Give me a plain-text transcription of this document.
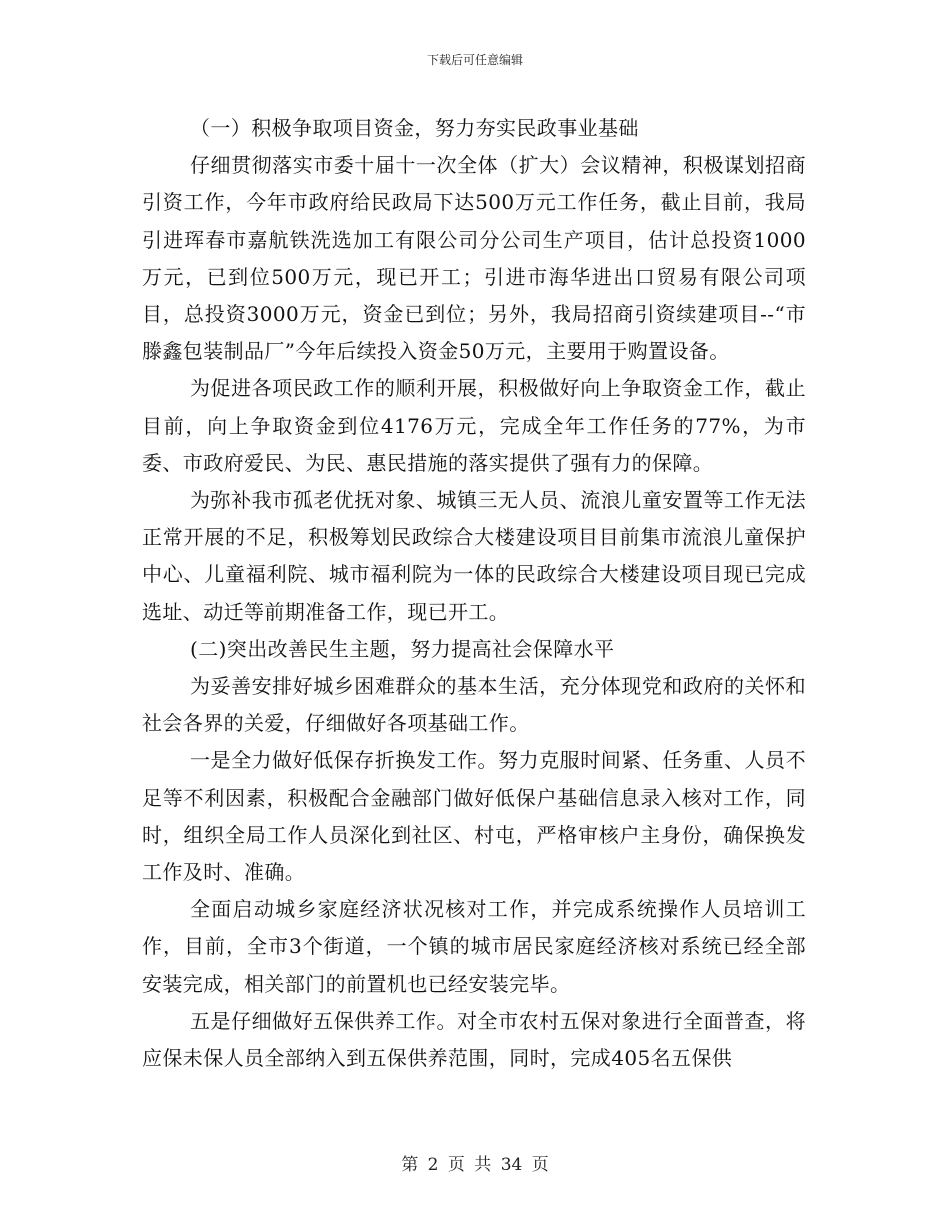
下载后可任意编辑

（一）积极争取项目资金，努力夯实民政事业基础

仔细贯彻落实市委十届十一次全体（扩大）会议精神，积极谋划招商引资工作，今年市政府给民政局下达500万元工作任务，截止目前，我局引进珲春市嘉航铁洗选加工有限公司分公司生产项目，估计总投资1000万元，已到位500万元，现已开工；引进市海华进出口贸易有限公司项目，总投资3000万元，资金已到位；另外，我局招商引资续建项目--“市滕鑫包装制品厂”今年后续投入资金50万元，主要用于购置设备。

为促进各项民政工作的顺利开展，积极做好向上争取资金工作，截止目前，向上争取资金到位4176万元，完成全年工作任务的77%，为市委、市政府爱民、为民、惠民措施的落实提供了强有力的保障。

为弥补我市孤老优抚对象、城镇三无人员、流浪儿童安置等工作无法正常开展的不足，积极筹划民政综合大楼建设项目目前集市流浪儿童保护中心、儿童福利院、城市福利院为一体的民政综合大楼建设项目现已完成选址、动迁等前期准备工作，现已开工。

(二)突出改善民生主题，努力提高社会保障水平

为妥善安排好城乡困难群众的基本生活，充分体现党和政府的关怀和社会各界的关爱，仔细做好各项基础工作。

一是全力做好低保存折换发工作。努力克服时间紧、任务重、人员不足等不利因素，积极配合金融部门做好低保户基础信息录入核对工作，同时，组织全局工作人员深化到社区、村屯，严格审核户主身份，确保换发工作及时、准确。

全面启动城乡家庭经济状况核对工作，并完成系统操作人员培训工作，目前，全市3个街道，一个镇的城市居民家庭经济核对系统已经全部安装完成，相关部门的前置机也已经安装完毕。

五是仔细做好五保供养工作。对全市农村五保对象进行全面普查，将应保未保人员全部纳入到五保供养范围，同时，完成405名五保供

第 2 页 共 34 页
